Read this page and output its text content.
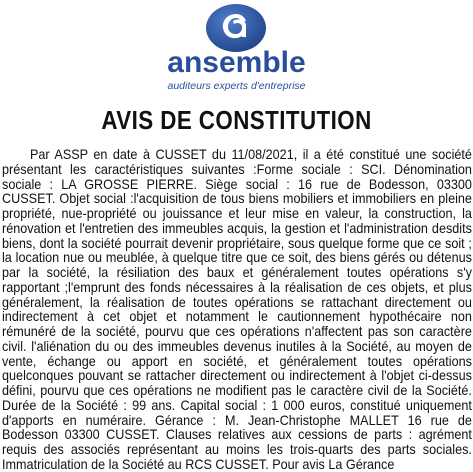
ansemble
auditeurs experts d'entreprise
AVIS DE CONSTITUTION

Par ASSP en date à CUSSET du 11/08/2021, il a été constitué une société présentant les caractéristiques suivantes :Forme sociale : SCI. Dénomination sociale : LA GROSSE PIERRE. Siège social : 16 rue de Bodesson, 03300 CUSSET. Objet social :l'acquisition de tous biens mobiliers et immobiliers en pleine propriété, nue-propriété ou jouissance et leur mise en valeur, la construction, la rénovation et l'entretien des immeubles acquis, la gestion et l'administration desdits biens, dont la société pourrait devenir propriétaire, sous quelque forme que ce soit ; la location nue ou meublée, à quelque titre que ce soit, des biens gérés ou détenus par la société, la résiliation des baux et généralement toutes opérations s'y rapportant ;l'emprunt des fonds nécessaires à la réalisation de ces objets, et plus généralement, la réalisation de toutes opérations se rattachant directement ou indirectement à cet objet et notamment le cautionnement hypothécaire non rémunéré de la société, pourvu que ces opérations n'affectent pas son caractère civil. l'aliénation du ou des immeubles devenus inutiles à la Société, au moyen de vente, échange ou apport en société, et généralement toutes opérations quelconques pouvant se rattacher directement ou indirectement à l'objet ci-dessus défini, pourvu que ces opérations ne modifient pas le caractère civil de la Société. Durée de la Société : 99 ans. Capital social : 1 000 euros, constitué uniquement d'apports en numéraire. Gérance : M. Jean-Christophe MALLET 16 rue de Bodesson 03300 CUSSET. Clauses relatives aux cessions de parts : agrément requis des associés représentant au moins les trois-quarts des parts sociales. Immatriculation de la Société au RCS CUSSET. Pour avis La Gérance
